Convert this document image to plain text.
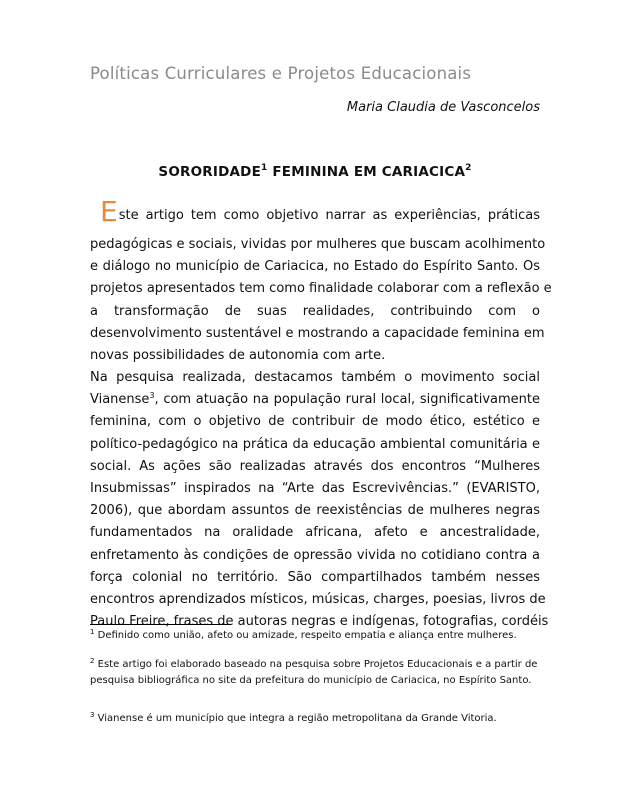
Políticas Curriculares e Projetos Educacionais
Maria Claudia de Vasconcelos
SORORIDADE$^1$ FEMININA EM CARIACICA$^2$
Este artigo tem como objetivo narrar as experiências, práticas
pedagógicas e sociais, vividas por mulheres que buscam acolhimento
e diálogo no município de Cariacica, no Estado do Espírito Santo. Os
projetos apresentados tem como finalidade colaborar com a reflexão e
a transformação de suas realidades, contribuindo com o
desenvolvimento sustentável e mostrando a capacidade feminina em
novas possibilidades de autonomia com arte.
Na pesquisa realizada, destacamos também o movimento social
Vianense$^3$, com atuação na população rural local, significativamente
feminina, com o objetivo de contribuir de modo ético, estético e
político-pedagógico na prática da educação ambiental comunitária e
social. As ações são realizadas através dos encontros “Mulheres
Insubmissas” inspirados na “Arte das Escrevivências.” (EVARISTO,
2006), que abordam assuntos de reexistências de mulheres negras
fundamentados na oralidade africana, afeto e ancestralidade,
enfretamento às condições de opressão vivida no cotidiano contra a
força colonial no território. São compartilhados também nesses
encontros aprendizados místicos, músicas, charges, poesias, livros de
Paulo Freire, frases de autoras negras e indígenas, fotografias, cordéis
$^1$ Definido como união, afeto ou amizade, respeito empatia e aliança entre mulheres.
$^2$ Este artigo foi elaborado baseado na pesquisa sobre Projetos Educacionais e a partir de pesquisa bibliográfica no site da prefeitura do município de Cariacica, no Espírito Santo.
$^3$ Vianense é um município que integra a região metropolitana da Grande Vitoria.
